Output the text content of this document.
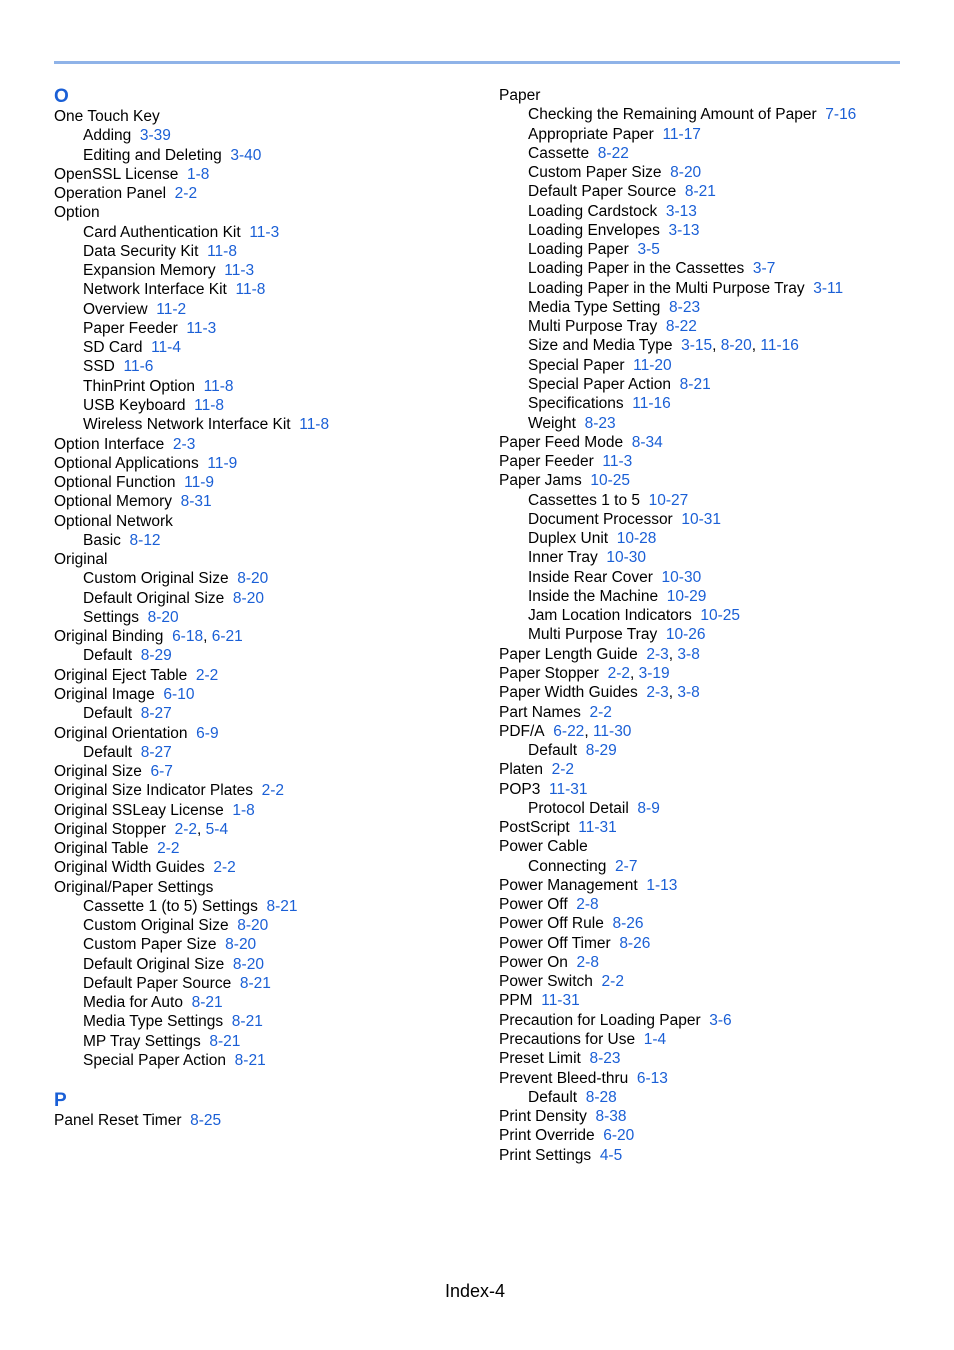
O
One Touch Key
Adding 3-39
Editing and Deleting 3-40
OpenSSL License 1-8
Operation Panel 2-2
Option
Card Authentication Kit 11-3
Data Security Kit 11-8
Expansion Memory 11-3
Network Interface Kit 11-8
Overview 11-2
Paper Feeder 11-3
SD Card 11-4
SSD 11-6
ThinPrint Option 11-8
USB Keyboard 11-8
Wireless Network Interface Kit 11-8
Option Interface 2-3
Optional Applications 11-9
Optional Function 11-9
Optional Memory 8-31
Optional Network
Basic 8-12
Original
Custom Original Size 8-20
Default Original Size 8-20
Settings 8-20
Original Binding 6-18, 6-21
Default 8-29
Original Eject Table 2-2
Original Image 6-10
Default 8-27
Original Orientation 6-9
Default 8-27
Original Size 6-7
Original Size Indicator Plates 2-2
Original SSLeay License 1-8
Original Stopper 2-2, 5-4
Original Table 2-2
Original Width Guides 2-2
Original/Paper Settings
Cassette 1 (to 5) Settings 8-21
Custom Original Size 8-20
Custom Paper Size 8-20
Default Original Size 8-20
Default Paper Source 8-21
Media for Auto 8-21
Media Type Settings 8-21
MP Tray Settings 8-21
Special Paper Action 8-21
P
Panel Reset Timer 8-25
Paper
Checking the Remaining Amount of Paper 7-16
Appropriate Paper 11-17
Cassette 8-22
Custom Paper Size 8-20
Default Paper Source 8-21
Loading Cardstock 3-13
Loading Envelopes 3-13
Loading Paper 3-5
Loading Paper in the Cassettes 3-7
Loading Paper in the Multi Purpose Tray 3-11
Media Type Setting 8-23
Multi Purpose Tray 8-22
Size and Media Type 3-15, 8-20, 11-16
Special Paper 11-20
Special Paper Action 8-21
Specifications 11-16
Weight 8-23
Paper Feed Mode 8-34
Paper Feeder 11-3
Paper Jams 10-25
Cassettes 1 to 5 10-27
Document Processor 10-31
Duplex Unit 10-28
Inner Tray 10-30
Inside Rear Cover 10-30
Inside the Machine 10-29
Jam Location Indicators 10-25
Multi Purpose Tray 10-26
Paper Length Guide 2-3, 3-8
Paper Stopper 2-2, 3-19
Paper Width Guides 2-3, 3-8
Part Names 2-2
PDF/A 6-22, 11-30
Default 8-29
Platen 2-2
POP3 11-31
Protocol Detail 8-9
PostScript 11-31
Power Cable
Connecting 2-7
Power Management 1-13
Power Off 2-8
Power Off Rule 8-26
Power Off Timer 8-26
Power On 2-8
Power Switch 2-2
PPM 11-31
Precaution for Loading Paper 3-6
Precautions for Use 1-4
Preset Limit 8-23
Prevent Bleed-thru 6-13
Default 8-28
Print Density 8-38
Print Override 6-20
Print Settings 4-5
Index-4
